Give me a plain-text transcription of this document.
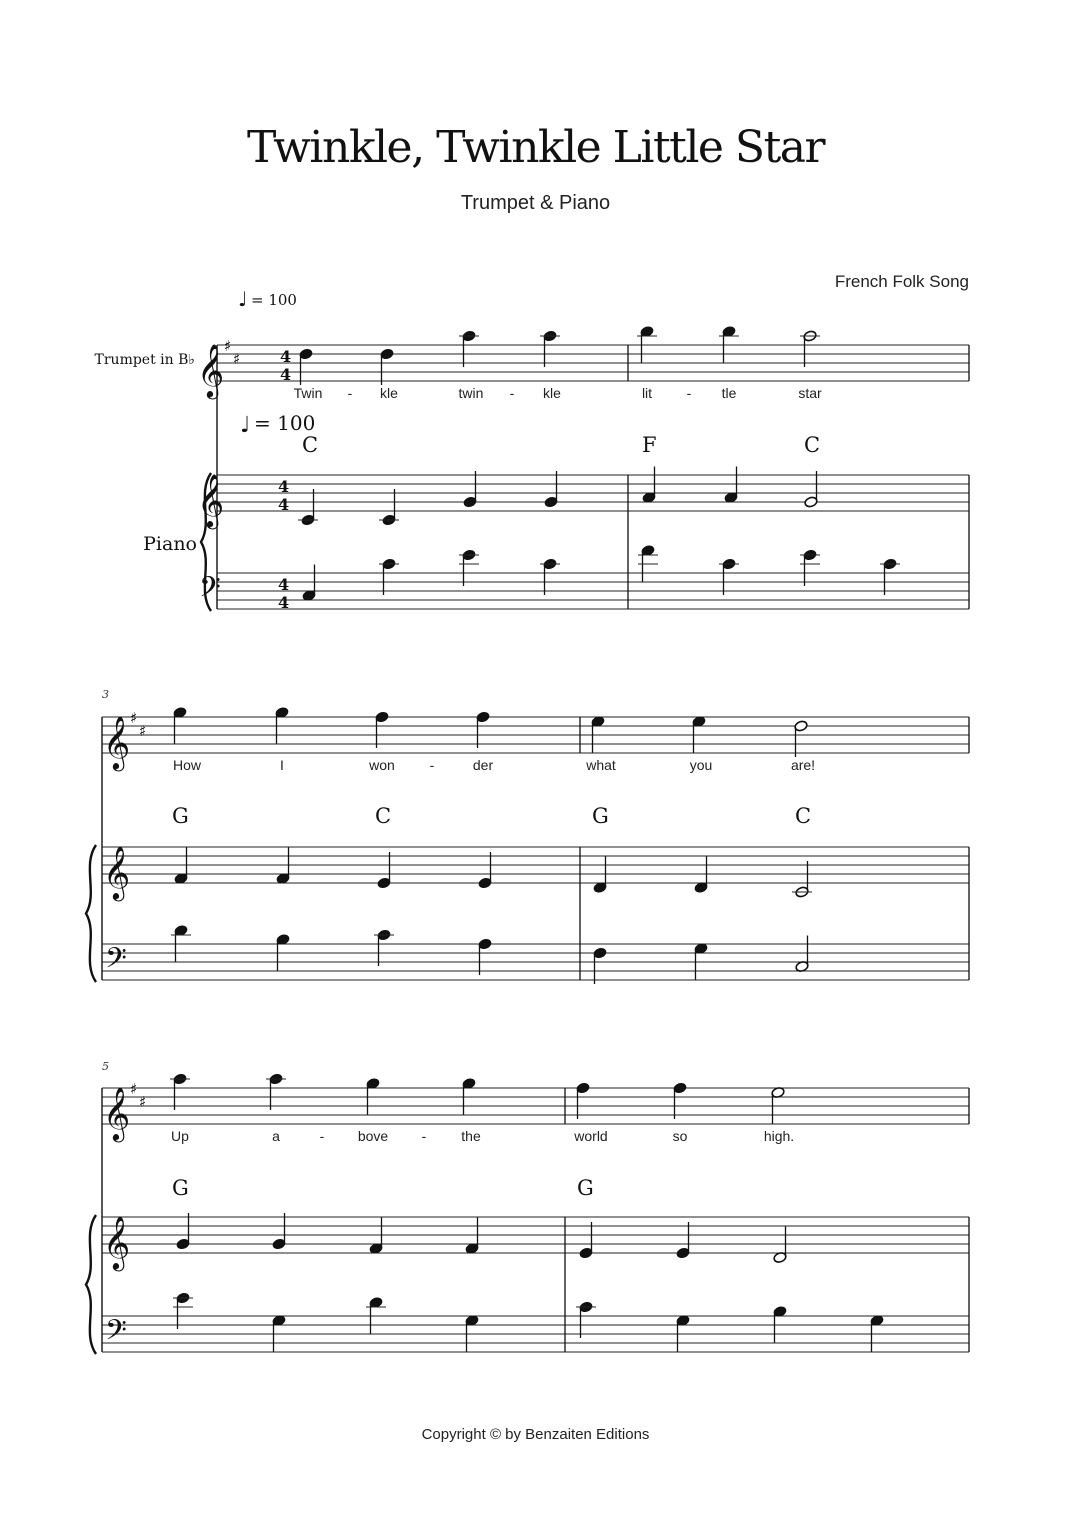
Twinkle, Twinkle Little Star
Trumpet & Piano
French Folk Song
♩ = 100
♩ = 100
Trumpet in B♭
Piano
3
5
C	F	C
G	C	G	C
G	G
Twin - kle	twin - kle	lit - tle	star
How	I	won -	der	what	you	are!
Up	a	- bove - the	world	so	high.
𝄞
𝄞
𝄢
♯
♯ 4
4
4
4
4
4
𝄞
𝄞
𝄢
♯
♯
𝄞
𝄞
𝄢
♯
♯
Copyright © by Benzaiten Editions
